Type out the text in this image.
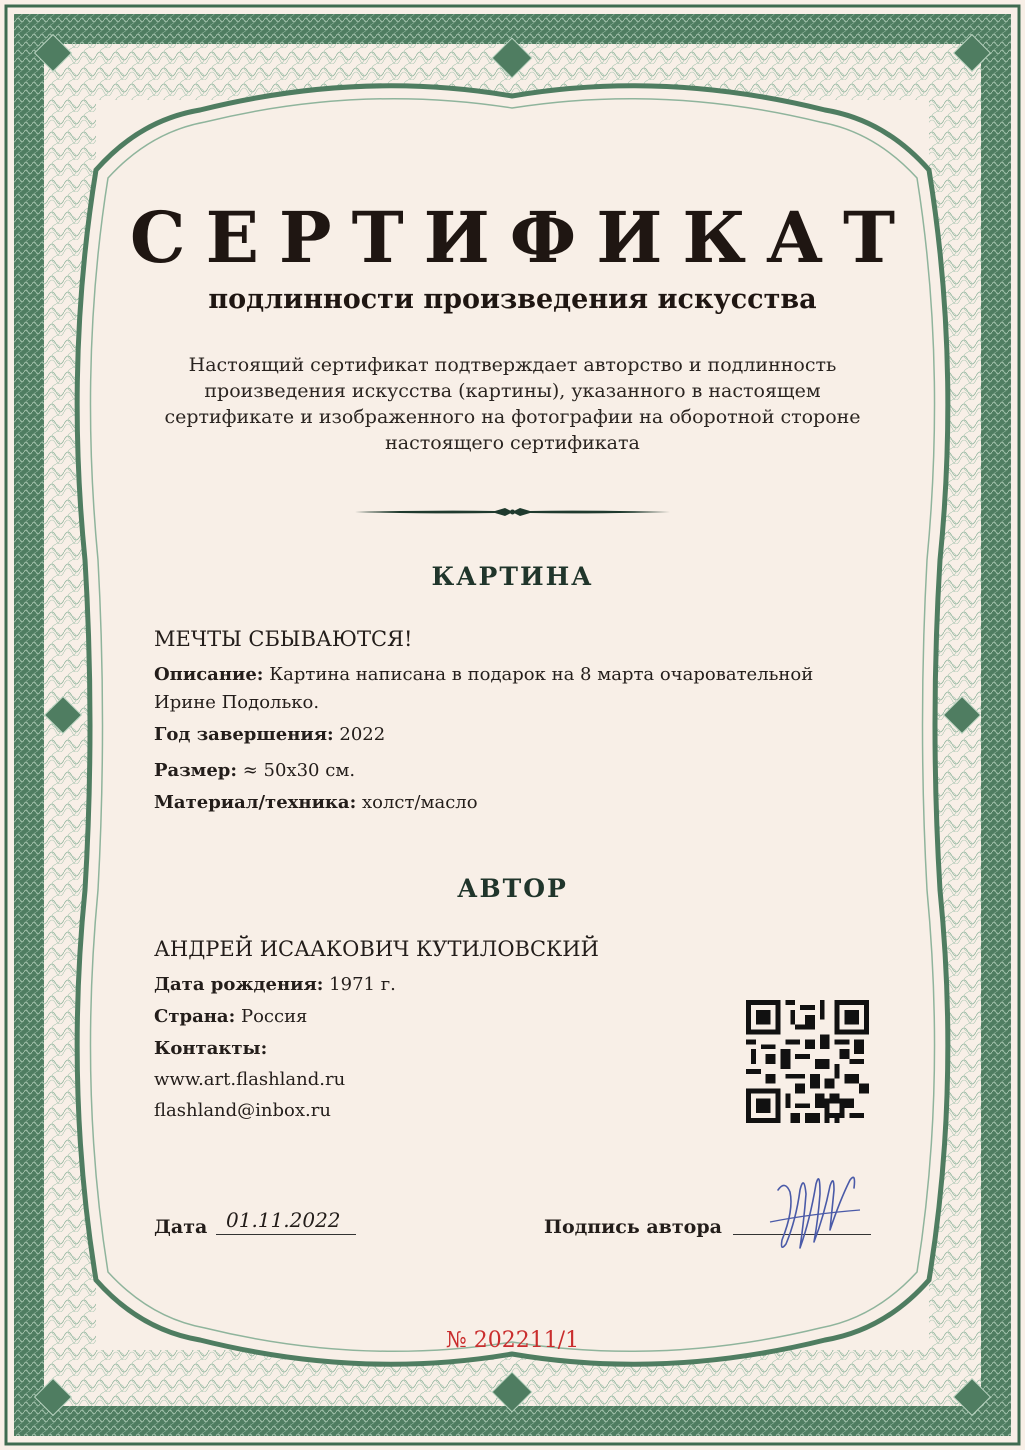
СЕРТИФИКАТ
подлинности произведения искусства
Настоящий сертификат подтверждает авторство и подлинность произведения искусства (картины), указанного в настоящем сертификате и изображенного на фотографии на оборотной стороне настоящего сертификата
КАРТИНА
МЕЧТЫ СБЫВАЮТСЯ!
Описание: Картина написана в подарок на 8 марта очаровательной Ирине Подолько.
Год завершения: 2022
Размер: ≈ 50х30 см.
Материал/техника: холст/масло
АВТОР
АНДРЕЙ ИСААКОВИЧ КУТИЛОВСКИЙ
Дата рождения: 1971 г.
Страна: Россия
Контакты:
www.art.flashland.ru
flashland@inbox.ru
Дата 01.11.2022	Подпись автора
№ 202211/1
